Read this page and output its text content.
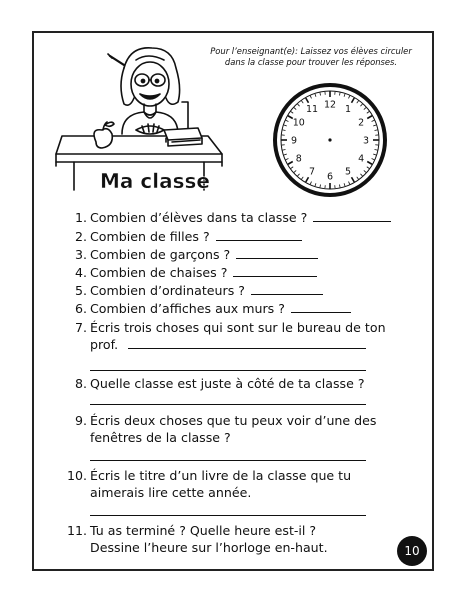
Pour l’enseignant(e): Laissez vos élèves circuler
dans la classe pour trouver les réponses.
Ma classe
12 1
2
3
4
5
6
7
8
9
10
11
1. Combien d’élèves dans ta classe ?
2. Combien de filles ?
3. Combien de garçons ?
4. Combien de chaises ?
5. Combien d’ordinateurs ?
6. Combien d’affiches aux murs ?
7. Écris trois choses qui sont sur le bureau de ton
prof.
8. Quelle classe est juste à côté de ta classe ?
9. Écris deux choses que tu peux voir d’une des
fenêtres de la classe ?
10. Écris le titre d’un livre de la classe que tu
aimerais lire cette année.
11. Tu as terminé ? Quelle heure est-il ?
Dessine l’heure sur l’horloge en-haut.	10
